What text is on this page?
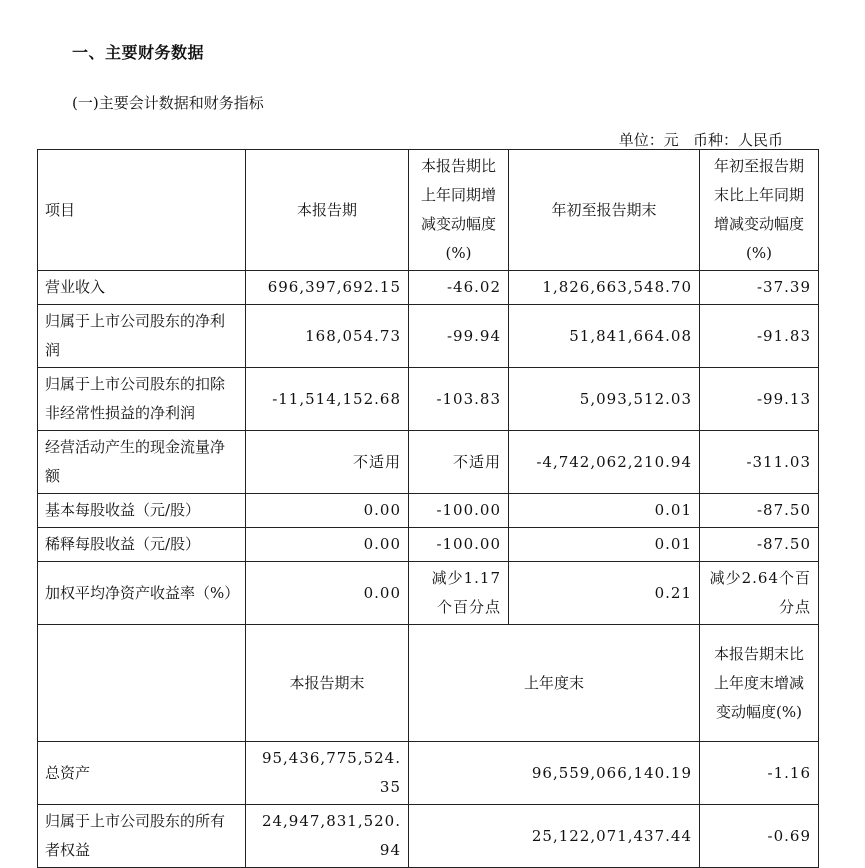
一、主要财务数据
(一)主要会计数据和财务指标
单位：元   币种：人民币
项目	本报告期	本报告期比上年同期增减变动幅度(%)	年初至报告期末	年初至报告期末比上年同期增减变动幅度(%)
营业收入	696,397,692.15	-46.02	1,826,663,548.70	-37.39
归属于上市公司股东的净利润	168,054.73	-99.94	51,841,664.08	-91.83
归属于上市公司股东的扣除非经常性损益的净利润	-11,514,152.68	-103.83	5,093,512.03	-99.13
经营活动产生的现金流量净额	不适用	不适用	-4,742,062,210.94	-311.03
基本每股收益（元/股）	0.00	-100.00	0.01	-87.50
稀释每股收益（元/股）	0.00	-100.00	0.01	-87.50
加权平均净资产收益率（%）	0.00	减少1.17个百分点	0.21	减少2.64个百分点
	本报告期末	上年度末		本报告期末比上年度末增减变动幅度(%)
总资产	95,436,775,524.35	96,559,066,140.19		-1.16
归属于上市公司股东的所有者权益	24,947,831,520.94	25,122,071,437.44		-0.69
